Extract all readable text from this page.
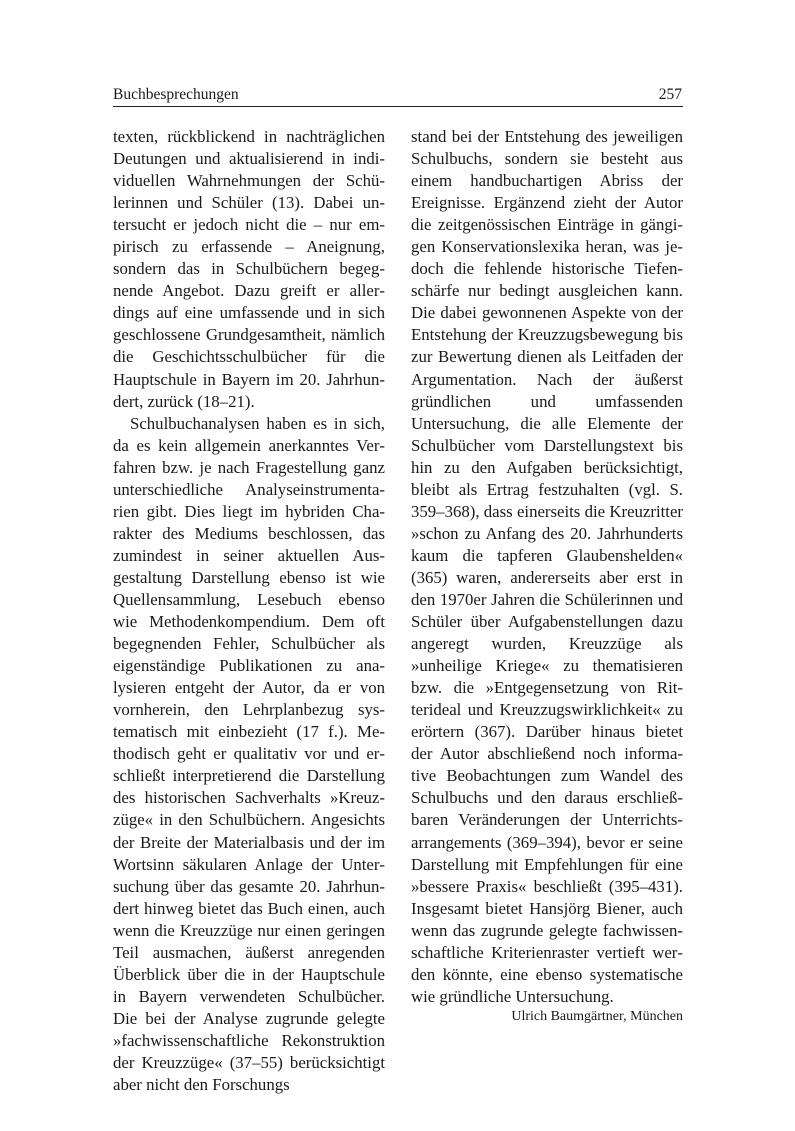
Buchbesprechungen	257

texten, rückblickend in nachträglichen Deutungen und aktualisierend in individuellen Wahrnehmungen der Schülerinnen und Schüler (13). Dabei untersucht er jedoch nicht die – nur empirisch zu erfassende – Aneignung, sondern das in Schulbüchern begegnende Angebot. Dazu greift er allerdings auf eine umfassende und in sich geschlossene Grundgesamtheit, nämlich die Geschichtsschulbücher für die Hauptschule in Bayern im 20. Jahrhundert, zurück (18–21).

Schulbuchanalysen haben es in sich, da es kein allgemein anerkanntes Verfahren bzw. je nach Fragestellung ganz unterschiedliche Analyseinstrumentarien gibt. Dies liegt im hybriden Charakter des Mediums beschlossen, das zumindest in seiner aktuellen Ausgestaltung Darstellung ebenso ist wie Quellensammlung, Lesebuch ebenso wie Methodenkompendium. Dem oft begegnenden Fehler, Schulbücher als eigenständige Publikationen zu analysieren entgeht der Autor, da er von vornherein, den Lehrplanbezug systematisch mit einbezieht (17 f.). Methodisch geht er qualitativ vor und erschließt interpretierend die Darstellung des historischen Sachverhalts »Kreuzzüge« in den Schulbüchern. Angesichts der Breite der Materialbasis und der im Wortsinn säkularen Anlage der Untersuchung über das gesamte 20. Jahrhundert hinweg bietet das Buch einen, auch wenn die Kreuzzüge nur einen geringen Teil ausmachen, äußerst anregenden Überblick über die in der Hauptschule in Bayern verwendeten Schulbücher. Die bei der Analyse zugrunde gelegte »fachwissenschaftliche Rekonstruktion der Kreuzzüge« (37–55) berücksichtigt aber nicht den Forschungs

stand bei der Entstehung des jeweiligen Schulbuchs, sondern sie besteht aus einem handbuchartigen Abriss der Ereignisse. Ergänzend zieht der Autor die zeitgenössischen Einträge in gängigen Konservationslexika heran, was jedoch die fehlende historische Tiefenschärfe nur bedingt ausgleichen kann. Die dabei gewonnenen Aspekte von der Entstehung der Kreuzzugsbewegung bis zur Bewertung dienen als Leitfaden der Argumentation. Nach der äußerst gründlichen und umfassenden Untersuchung, die alle Elemente der Schulbücher vom Darstellungstext bis hin zu den Aufgaben berücksichtigt, bleibt als Ertrag festzuhalten (vgl. S. 359–368), dass einerseits die Kreuzritter »schon zu Anfang des 20. Jahrhunderts kaum die tapferen Glaubenshelden« (365) waren, andererseits aber erst in den 1970er Jahren die Schülerinnen und Schüler über Aufgabenstellungen dazu angeregt wurden, Kreuzzüge als »unheilige Kriege« zu thematisieren bzw. die »Entgegensetzung von Ritterideal und Kreuzzugswirklichkeit« zu erörtern (367). Darüber hinaus bietet der Autor abschließend noch informative Beobachtungen zum Wandel des Schulbuchs und den daraus erschließbaren Veränderungen der Unterrichtsarrangements (369–394), bevor er seine Darstellung mit Empfehlungen für eine »bessere Praxis« beschließt (395–431). Insgesamt bietet Hansjörg Biener, auch wenn das zugrunde gelegte fachwissenschaftliche Kriterienraster vertieft werden könnte, eine ebenso systematische wie gründliche Untersuchung.

Ulrich Baumgärtner, München
